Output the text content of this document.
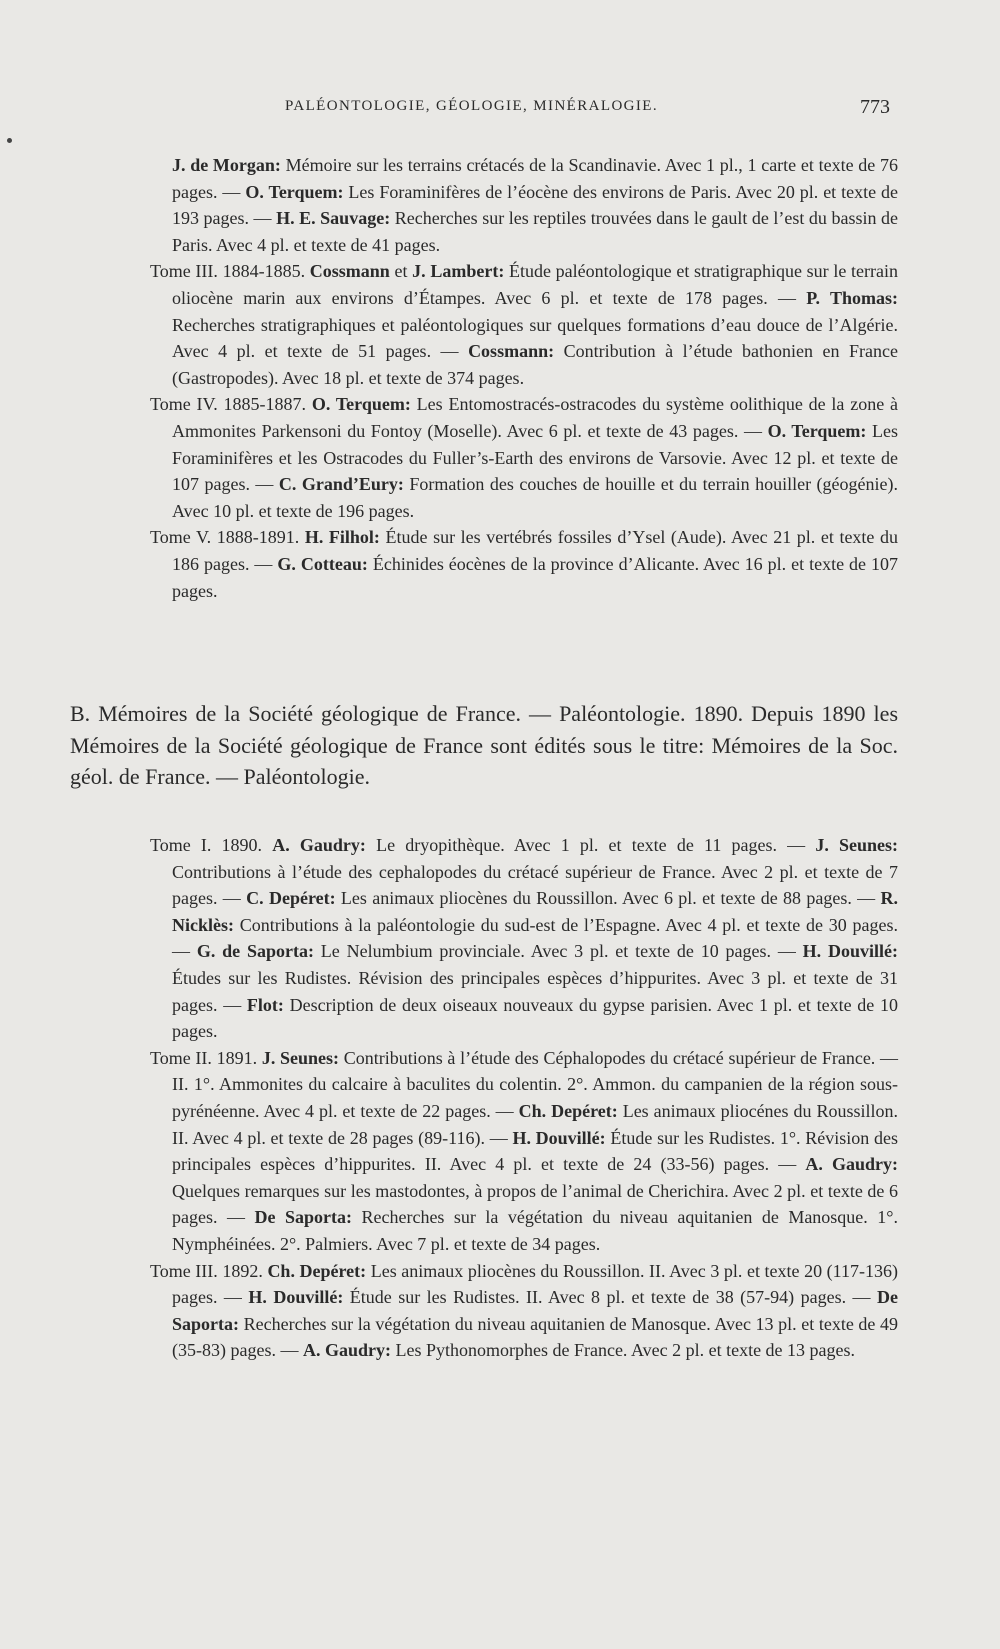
PALÉONTOLOGIE, GÉOLOGIE, MINÉRALOGIE.	773

J. de Morgan: Mémoire sur les terrains crétacés de la Scandinavie. Avec 1 pl., 1 carte et texte de 76 pages. — O. Terquem: Les Foraminifères de l’éocène des environs de Paris. Avec 20 pl. et texte de 193 pages. — H. E. Sauvage: Recherches sur les reptiles trouvées dans le gault de l’est du bassin de Paris. Avec 4 pl. et texte de 41 pages.

Tome III. 1884-1885. Cossmann et J. Lambert: Étude paléontologique et stratigraphique sur le terrain oliocène marin aux environs d’Étampes. Avec 6 pl. et texte de 178 pages. — P. Thomas: Recherches stratigraphiques et paléontologiques sur quelques formations d’eau douce de l’Algérie. Avec 4 pl. et texte de 51 pages. — Cossmann: Contribution à l’étude bathonien en France (Gastropodes). Avec 18 pl. et texte de 374 pages.

Tome IV. 1885-1887. O. Terquem: Les Entomostracés-ostracodes du système oolithique de la zone à Ammonites Parkensoni du Fontoy (Moselle). Avec 6 pl. et texte de 43 pages. — O. Terquem: Les Foraminifères et les Ostracodes du Fuller’s-Earth des environs de Varsovie. Avec 12 pl. et texte de 107 pages. — C. Grand’Eury: Formation des couches de houille et du terrain houiller (géogénie). Avec 10 pl. et texte de 196 pages.

Tome V. 1888-1891. H. Filhol: Étude sur les vertébrés fossiles d’Ysel (Aude). Avec 21 pl. et texte du 186 pages. — G. Cotteau: Échinides éocènes de la province d’Alicante. Avec 16 pl. et texte de 107 pages.

B. Mémoires de la Société géologique de France. — Paléontologie. 1890. Depuis 1890 les Mémoires de la Société géologique de France sont édités sous le titre: Mémoires de la Soc. géol. de France. — Paléontologie.

Tome I. 1890. A. Gaudry: Le dryopithèque. Avec 1 pl. et texte de 11 pages. — J. Seunes: Contributions à l’étude des cephalopodes du crétacé supérieur de France. Avec 2 pl. et texte de 7 pages. — C. Depéret: Les animaux pliocènes du Roussillon. Avec 6 pl. et texte de 88 pages. — R. Nicklès: Contributions à la paléontologie du sud-est de l’Espagne. Avec 4 pl. et texte de 30 pages. — G. de Saporta: Le Nelumbium provinciale. Avec 3 pl. et texte de 10 pages. — H. Douvillé: Études sur les Rudistes. Révision des principales espèces d’hippurites. Avec 3 pl. et texte de 31 pages. — Flot: Description de deux oiseaux nouveaux du gypse parisien. Avec 1 pl. et texte de 10 pages.

Tome II. 1891. J. Seunes: Contributions à l’étude des Céphalopodes du crétacé supérieur de France. — II. 1°. Ammonites du calcaire à baculites du colentin. 2°. Ammon. du campanien de la région sous-pyrénéenne. Avec 4 pl. et texte de 22 pages. — Ch. Depéret: Les animaux pliocénes du Roussillon. II. Avec 4 pl. et texte de 28 pages (89-116). — H. Douvillé: Étude sur les Rudistes. 1°. Révision des principales espèces d’hippurites. II. Avec 4 pl. et texte de 24 (33-56) pages. — A. Gaudry: Quelques remarques sur les mastodontes, à propos de l’animal de Cherichira. Avec 2 pl. et texte de 6 pages. — De Saporta: Recherches sur la végétation du niveau aquitanien de Manosque. 1°. Nymphéinées. 2°. Palmiers. Avec 7 pl. et texte de 34 pages.

Tome III. 1892. Ch. Depéret: Les animaux pliocènes du Roussillon. II. Avec 3 pl. et texte 20 (117-136) pages. — H. Douvillé: Étude sur les Rudistes. II. Avec 8 pl. et texte de 38 (57-94) pages. — De Saporta: Recherches sur la végétation du niveau aquitanien de Manosque. Avec 13 pl. et texte de 49 (35-83) pages. — A. Gaudry: Les Pythonomorphes de France. Avec 2 pl. et texte de 13 pages.
